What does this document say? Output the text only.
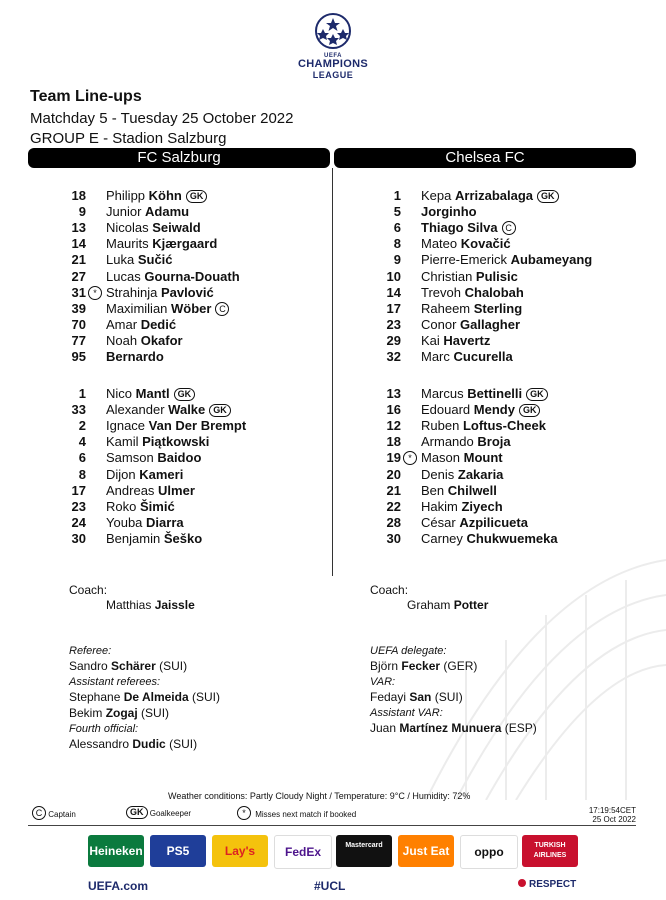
UEFA
CHAMPIONS
LEAGUE
Team Line-ups
Matchday 5 - Tuesday 25 October 2022
GROUP E - Stadion Salzburg
FC Salzburg	Chelsea FC
18 Philipp Köhn GK
9 Junior Adamu
13 Nicolas Seiwald
14 Maurits Kjærgaard
21 Luka Sučić
27 Lucas Gourna-Douath
31 * Strahinja Pavlović
39 Maximilian Wöber C
70 Amar Dedić
77 Noah Okafor
95 Bernardo
1 Nico Mantl GK
33 Alexander Walke GK
2 Ignace Van Der Brempt
4 Kamil Piątkowski
6 Samson Baidoo
8 Dijon Kameri
17 Andreas Ulmer
23 Roko Šimić
24 Youba Diarra
30 Benjamin Šeško
1 Kepa Arrizabalaga GK
5 Jorginho
6 Thiago Silva C
8 Mateo Kovačić
9 Pierre-Emerick Aubameyang
10 Christian Pulisic
14 Trevoh Chalobah
17 Raheem Sterling
23 Conor Gallagher
29 Kai Havertz
32 Marc Cucurella
13 Marcus Bettinelli GK
16 Edouard Mendy GK
12 Ruben Loftus-Cheek
18 Armando Broja
19 * Mason Mount
20 Denis Zakaria
21 Ben Chilwell
22 Hakim Ziyech
28 César Azpilicueta
30 Carney Chukwuemeka
Coach:
Matthias Jaissle
Coach:
Graham Potter
Referee:
Sandro Schärer (SUI)
Assistant referees:
Stephane De Almeida (SUI)
Bekim Zogaj (SUI)
Fourth official:
Alessandro Dudic (SUI)
UEFA delegate:
Björn Fecker (GER)
VAR:
Fedayi San (SUI)
Assistant VAR:
Juan Martínez Munuera (ESP)
Weather conditions: Partly Cloudy Night / Temperature: 9°C / Humidity: 72%
17:19:54CET
25 Oct 2022
C Captain	GK Goalkeeper	* Misses next match if booked
Heineken	PS5	Lay's	FedEx	Mastercard	Just Eat	oppo	TURKISH AIRLINES
UEFA.com	#UCL	RESPECT
